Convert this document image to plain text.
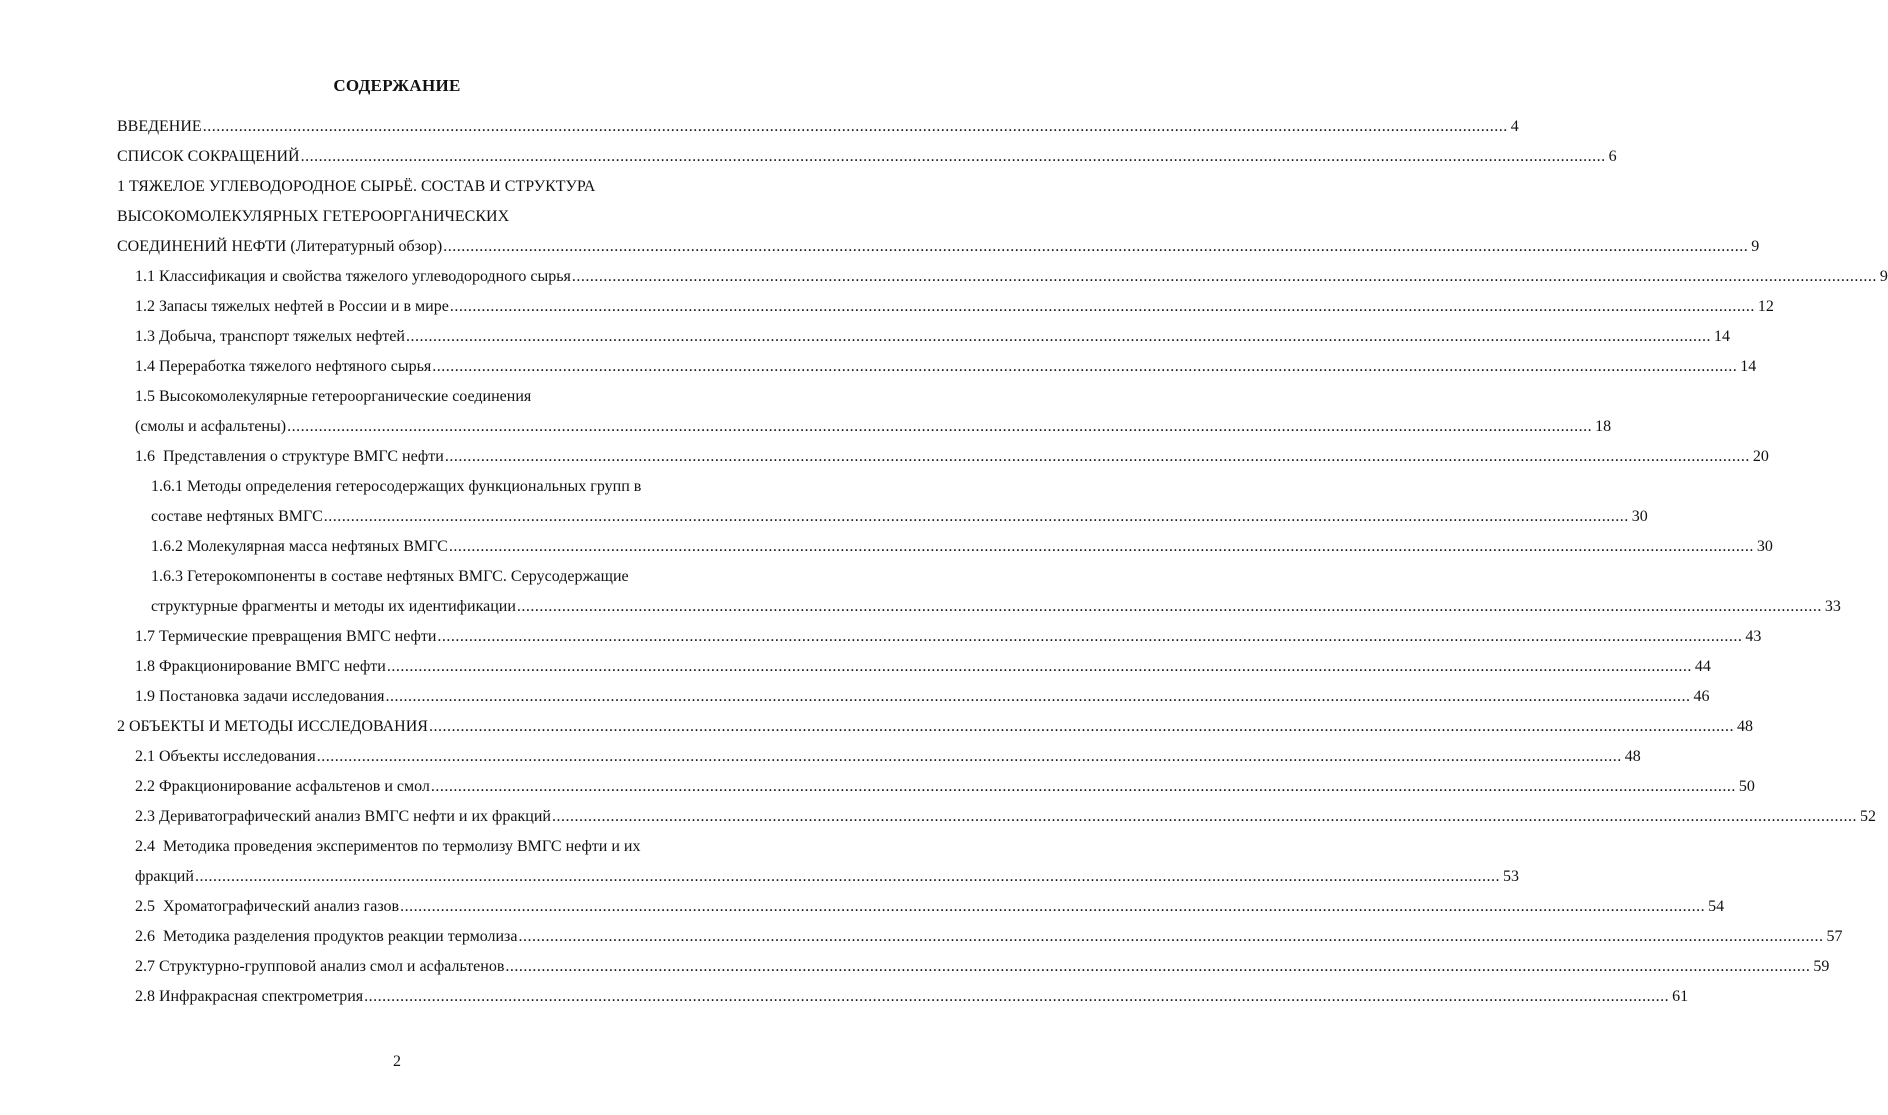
СОДЕРЖАНИЕ
ВВЕДЕНИЕ .....	4
СПИСОК СОКРАЩЕНИЙ .....	6
1 ТЯЖЕЛОЕ УГЛЕВОДОРОДНОЕ СЫРЬЁ. СОСТАВ И СТРУКТУРА
ВЫСОКОМОЛЕКУЛЯРНЫХ ГЕТЕРООРГАНИЧЕСКИХ
СОЕДИНЕНИЙ НЕФТИ (Литературный обзор) .....	9
1.1 Классификация и свойства тяжелого углеводородного сырья .....	9
1.2 Запасы тяжелых нефтей в России и в мире .....	12
1.3 Добыча, транспорт тяжелых нефтей .....	14
1.4 Переработка тяжелого нефтяного сырья .....	14
1.5 Высокомолекулярные гетероорганические соединения
(смолы и асфальтены) .....	18
1.6  Представления о структуре ВМГС нефти .....	20
1.6.1 Методы определения гетеросодержащих функциональных групп в
составе нефтяных ВМГС .....	30
1.6.2 Молекулярная масса нефтяных ВМГС .....	30
1.6.3 Гетерокомпоненты в составе нефтяных ВМГС. Серусодержащие
структурные фрагменты и методы их идентификации .....	33
1.7 Термические превращения ВМГС нефти .....	43
1.8 Фракционирование ВМГС нефти .....	44
1.9 Постановка задачи исследования .....	46
2 ОБЪЕКТЫ И МЕТОДЫ ИССЛЕДОВАНИЯ .....	48
2.1 Объекты исследования .....	48
2.2 Фракционирование асфальтенов и смол .....	50
2.3 Дериватографический анализ ВМГС нефти и их фракций .....	52
2.4  Методика проведения экспериментов по термолизу ВМГС нефти и их
фракций .....	53
2.5  Хроматографический анализ газов .....	54
2.6  Методика разделения продуктов реакции термолиза .....	57
2.7 Структурно-групповой анализ смол и асфальтенов .....	59
2.8 Инфракрасная спектрометрия .....	61
2
